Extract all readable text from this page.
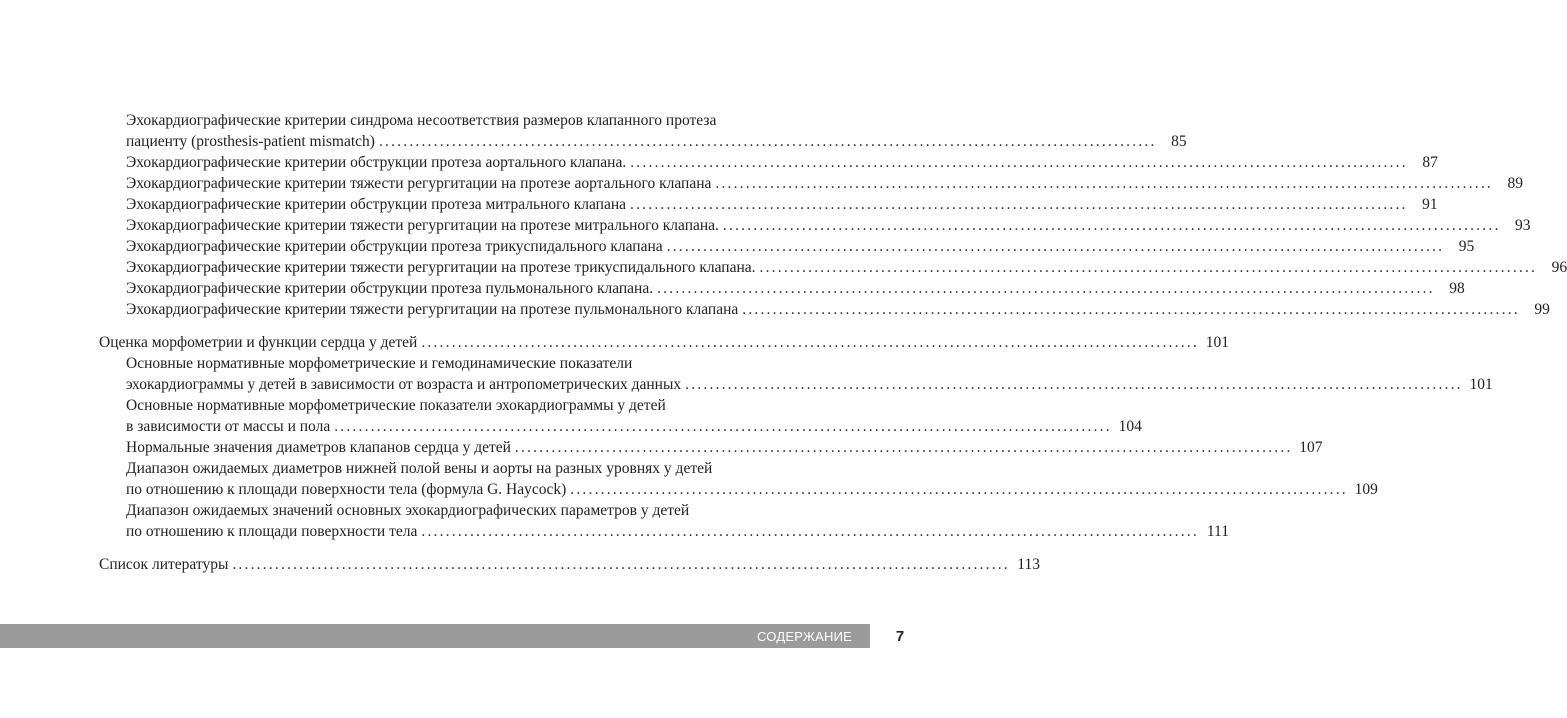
Эхокардиографические критерии синдрома несоответствия размеров клапанного протеза
пациенту (prosthesis-patient mismatch) ................................................................................................................................ 85
Эхокардиографические критерии обструкции протеза аортального клапана. ................................................................................................................................ 87
Эхокардиографические критерии тяжести регургитации на протезе аортального клапана ................................................................................................................................ 89
Эхокардиографические критерии обструкции протеза митрального клапана ................................................................................................................................ 91
Эхокардиографические критерии тяжести регургитации на протезе митрального клапана. ................................................................................................................................ 93
Эхокардиографические критерии обструкции протеза трикуспидального клапана ................................................................................................................................ 95
Эхокардиографические критерии тяжести регургитации на протезе трикуспидального клапана. ................................................................................................................................ 96
Эхокардиографические критерии обструкции протеза пульмонального клапана. ................................................................................................................................ 98
Эхокардиографические критерии тяжести регургитации на протезе пульмонального клапана ................................................................................................................................ 99
Оценка морфометрии и функции сердца у детей ................................................................................................................................ 101
Основные нормативные морфометрические и гемодинамические показатели
эхокардиограммы у детей в зависимости от возраста и антропометрических данных ................................................................................................................................ 101
Основные нормативные морфометрические показатели эхокардиограммы у детей
в зависимости от массы и пола ................................................................................................................................ 104
Нормальные значения диаметров клапанов сердца у детей ................................................................................................................................ 107
Диапазон ожидаемых диаметров нижней полой вены и аорты на разных уровнях у детей
по отношению к площади поверхности тела (формула G. Haycock) ................................................................................................................................ 109
Диапазон ожидаемых значений основных эхокардиографических параметров у детей
по отношению к площади поверхности тела ................................................................................................................................ 111
Список литературы ................................................................................................................................ 113
СОДЕРЖАНИЕ	7
